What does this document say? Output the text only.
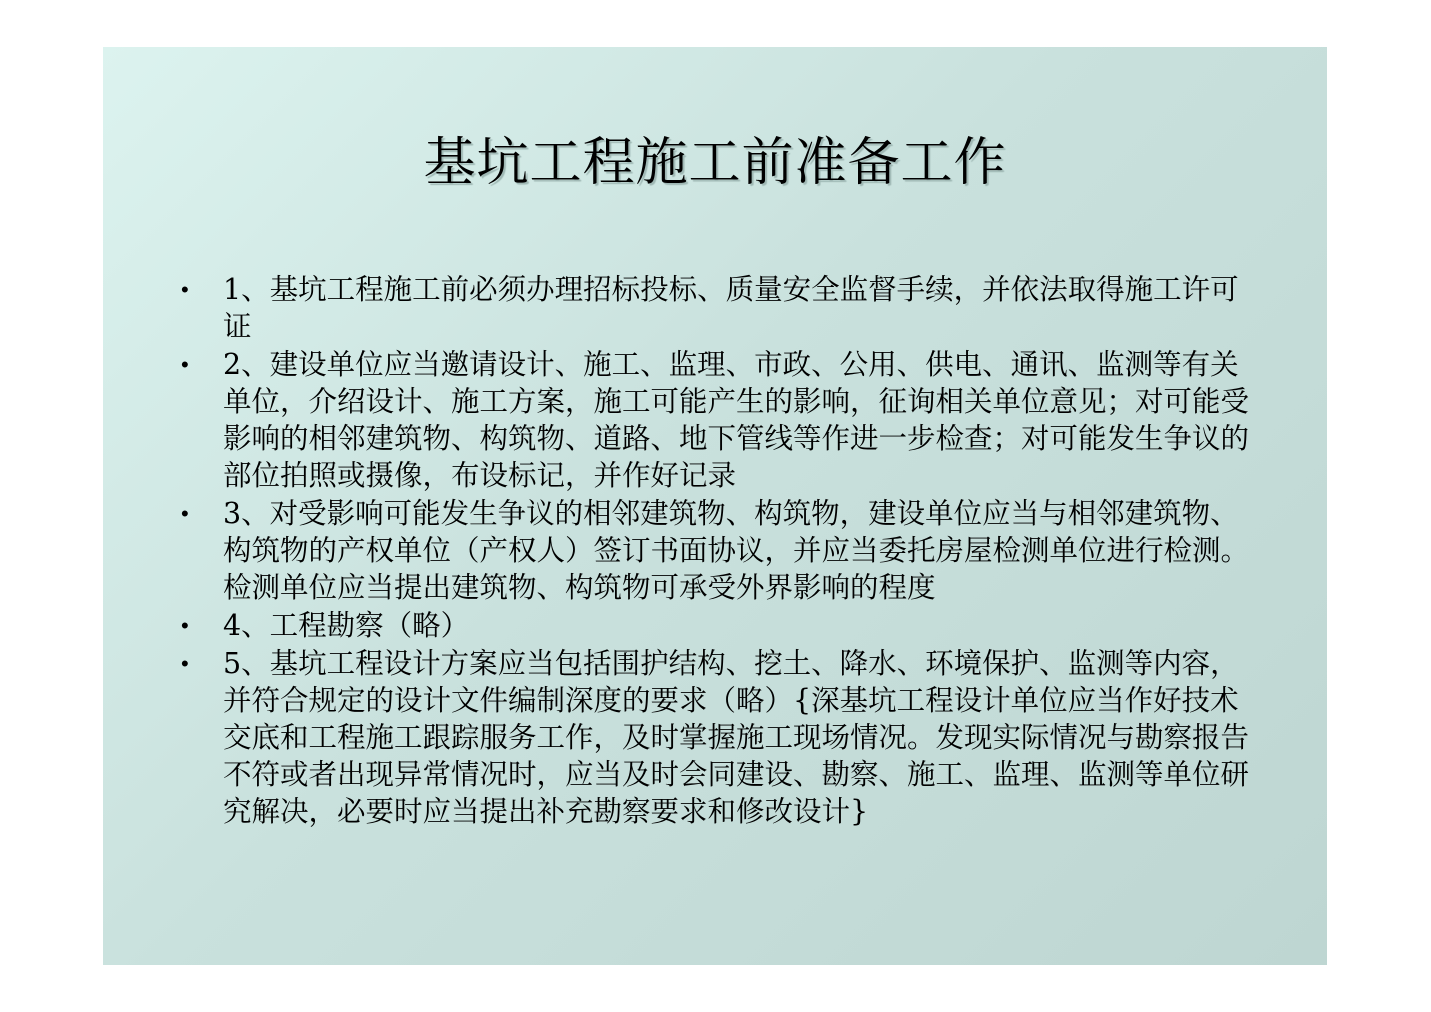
基坑工程施工前准备工作
• 1、基坑工程施工前必须办理招标投标、质量安全监督手续，并依法取得施工许可证
• 2、建设单位应当邀请设计、施工、监理、市政、公用、供电、通讯、监测等有关单位，介绍设计、施工方案，施工可能产生的影响，征询相关单位意见；对可能受影响的相邻建筑物、构筑物、道路、地下管线等作进一步检查；对可能发生争议的部位拍照或摄像，布设标记，并作好记录
• 3、对受影响可能发生争议的相邻建筑物、构筑物，建设单位应当与相邻建筑物、构筑物的产权单位（产权人）签订书面协议，并应当委托房屋检测单位进行检测。检测单位应当提出建筑物、构筑物可承受外界影响的程度
• 4、工程勘察（略）
• 5、基坑工程设计方案应当包括围护结构、挖土、降水、环境保护、监测等内容，并符合规定的设计文件编制深度的要求（略）{深基坑工程设计单位应当作好技术交底和工程施工跟踪服务工作，及时掌握施工现场情况。发现实际情况与勘察报告不符或者出现异常情况时，应当及时会同建设、勘察、施工、监理、监测等单位研究解决，必要时应当提出补充勘察要求和修改设计}
